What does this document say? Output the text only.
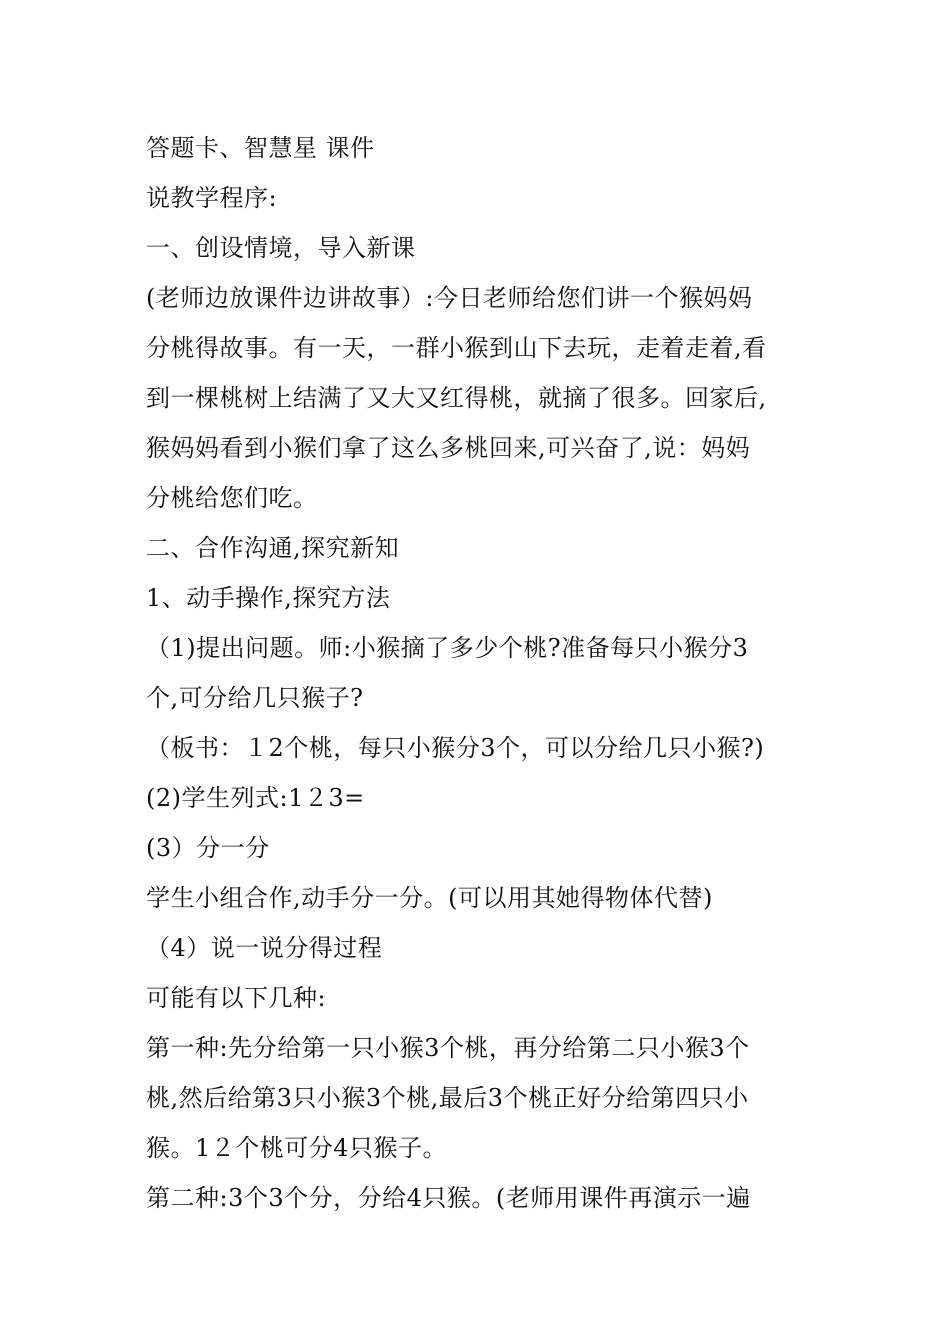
答题卡、智慧星 课件
说教学程序:
一、创设情境，导入新课
(老师边放课件边讲故事）:今日老师给您们讲一个猴妈妈
分桃得故事。有一天，一群小猴到山下去玩，走着走着,看
到一棵桃树上结满了又大又红得桃，就摘了很多。回家后,
猴妈妈看到小猴们拿了这么多桃回来,可兴奋了,说：妈妈
分桃给您们吃。
二、合作沟通,探究新知
1、动手操作,探究方法
（1)提出问题。师:小猴摘了多少个桃?准备每只小猴分3
个,可分给几只猴子?
（板书：１2个桃，每只小猴分3个，可以分给几只小猴?)
(2)学生列式:1２3=
(3）分一分
学生小组合作,动手分一分。(可以用其她得物体代替)
（4）说一说分得过程
可能有以下几种:
第一种:先分给第一只小猴3个桃，再分给第二只小猴3个
桃,然后给第3只小猴3个桃,最后3个桃正好分给第四只小
猴。1２个桃可分4只猴子。
第二种:3个3个分，分给4只猴。(老师用课件再演示一遍
